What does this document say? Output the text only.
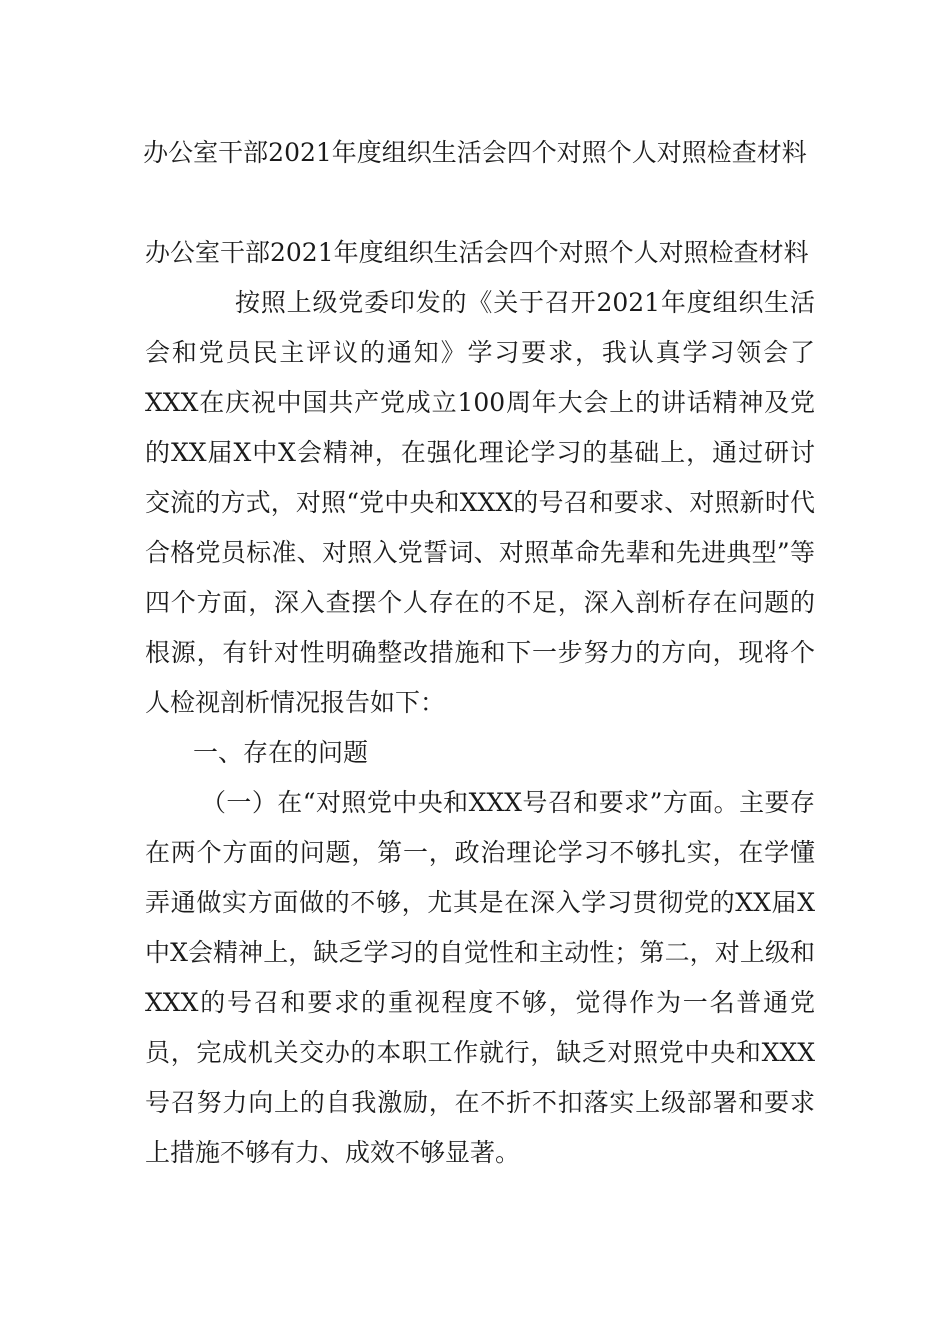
办公室干部2021年度组织生活会四个对照个人对照检查材料
办公室干部2021年度组织生活会四个对照个人对照检查材料

按照上级党委印发的《关于召开2021年度组织生活会和党员民主评议的通知》学习要求，我认真学习领会了XXX在庆祝中国共产党成立100周年大会上的讲话精神及党的XX届X中X会精神，在强化理论学习的基础上，通过研讨交流的方式，对照“党中央和XXX的号召和要求、对照新时代合格党员标准、对照入党誓词、对照革命先辈和先进典型”等四个方面，深入查摆个人存在的不足，深入剖析存在问题的根源，有针对性明确整改措施和下一步努力的方向，现将个人检视剖析情况报告如下：

一、存在的问题

（一）在“对照党中央和XXX号召和要求”方面。主要存在两个方面的问题，第一，政治理论学习不够扎实，在学懂弄通做实方面做的不够，尤其是在深入学习贯彻党的XX届X中X会精神上，缺乏学习的自觉性和主动性；第二，对上级和XXX的号召和要求的重视程度不够，觉得作为一名普通党员，完成机关交办的本职工作就行，缺乏对照党中央和XXX号召努力向上的自我激励，在不折不扣落实上级部署和要求上措施不够有力、成效不够显著。
